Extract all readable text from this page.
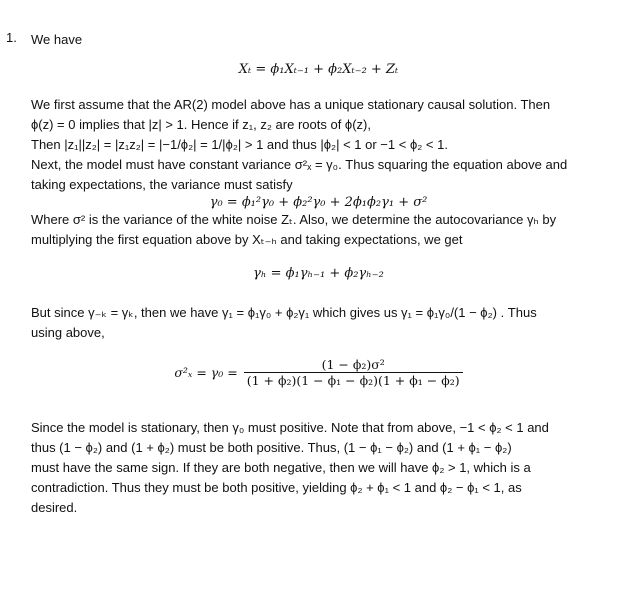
1. We have

Xₜ = ϕ₁Xₜ₋₁ + ϕ₂Xₜ₋₂ + Zₜ

We first assume that the AR(2) model above has a unique stationary causal solution. Then

ϕ(z) = 0 implies that |z| > 1. Hence if z₁, z₂ are roots of ϕ(z),

Then |z₁||z₂| = |z₁z₂| = |−1/ϕ₂| = 1/|ϕ₂| > 1 and thus |ϕ₂| < 1 or −1 < ϕ₂ < 1.

Next, the model must have constant variance σ²ₓ = γ₀. Thus squaring the equation above and

taking expectations, the variance must satisfy

γ₀ = ϕ₁²γ₀ + ϕ₂²γ₀ + 2ϕ₁ϕ₂γ₁ + σ²

Where σ² is the variance of the white noise Zₜ. Also, we determine the autocovariance γₕ by

multiplying the first equation above by Xₜ₋ₕ and taking expectations, we get

γₕ = ϕ₁γₕ₋₁ + ϕ₂γₕ₋₂

But since γ₋ₖ = γₖ, then we have γ₁ = ϕ₁γ₀ + ϕ₂γ₁ which gives us γ₁ = ϕ₁γ₀/(1 − ϕ₂) . Thus

using above,

$\sigma^2_x = \gamma_0 = \frac{\text{(1 − ϕ₂)σ²}}{\text{(1 + ϕ₂)(1 − ϕ₁ − ϕ₂)(1 + ϕ₁ − ϕ₂)}}$

Since the model is stationary, then γ₀ must positive. Note that from above, −1 < ϕ₂ < 1 and

thus (1 − ϕ₂) and (1 + ϕ₂) must be both positive. Thus, (1 − ϕ₁ − ϕ₂) and (1 + ϕ₁ − ϕ₂)

must have the same sign. If they are both negative, then we will have ϕ₂ > 1, which is a

contradiction. Thus they must be both positive, yielding ϕ₂ + ϕ₁ < 1 and ϕ₂ − ϕ₁ < 1, as

desired.
